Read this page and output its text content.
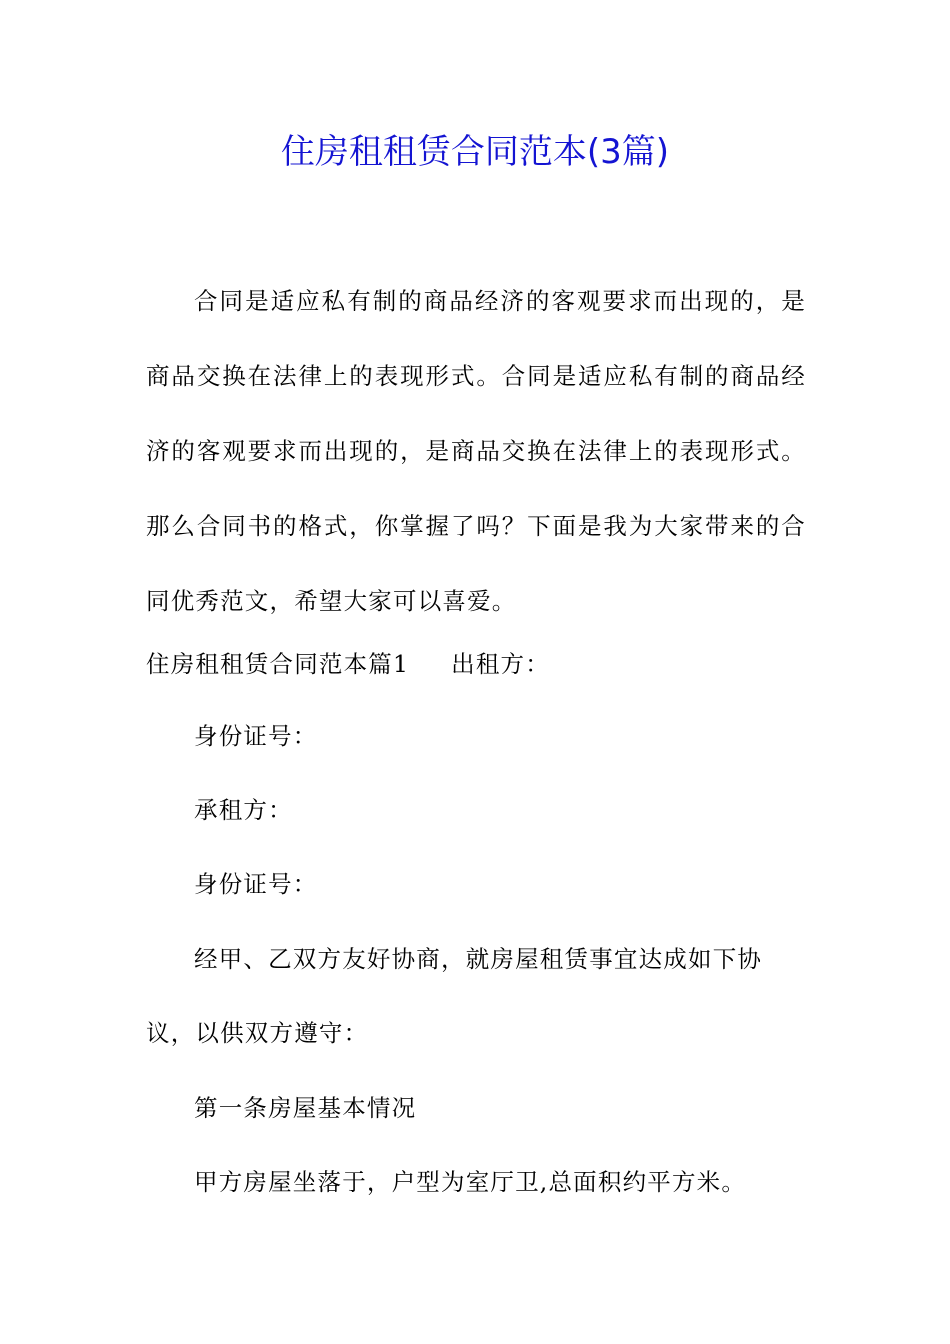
住房租租赁合同范本(3篇)

合同是适应私有制的商品经济的客观要求而出现的，是商品交换在法律上的表现形式。合同是适应私有制的商品经济的客观要求而出现的，是商品交换在法律上的表现形式。那么合同书的格式，你掌握了吗？下面是我为大家带来的合同优秀范文，希望大家可以喜爱。

住房租租赁合同范本篇1 出租方：

身份证号：

承租方：

身份证号：

经甲、乙双方友好协商，就房屋租赁事宜达成如下协议，以供双方遵守：

第一条房屋基本情况

甲方房屋坐落于，户型为室厅卫,总面积约平方米。
